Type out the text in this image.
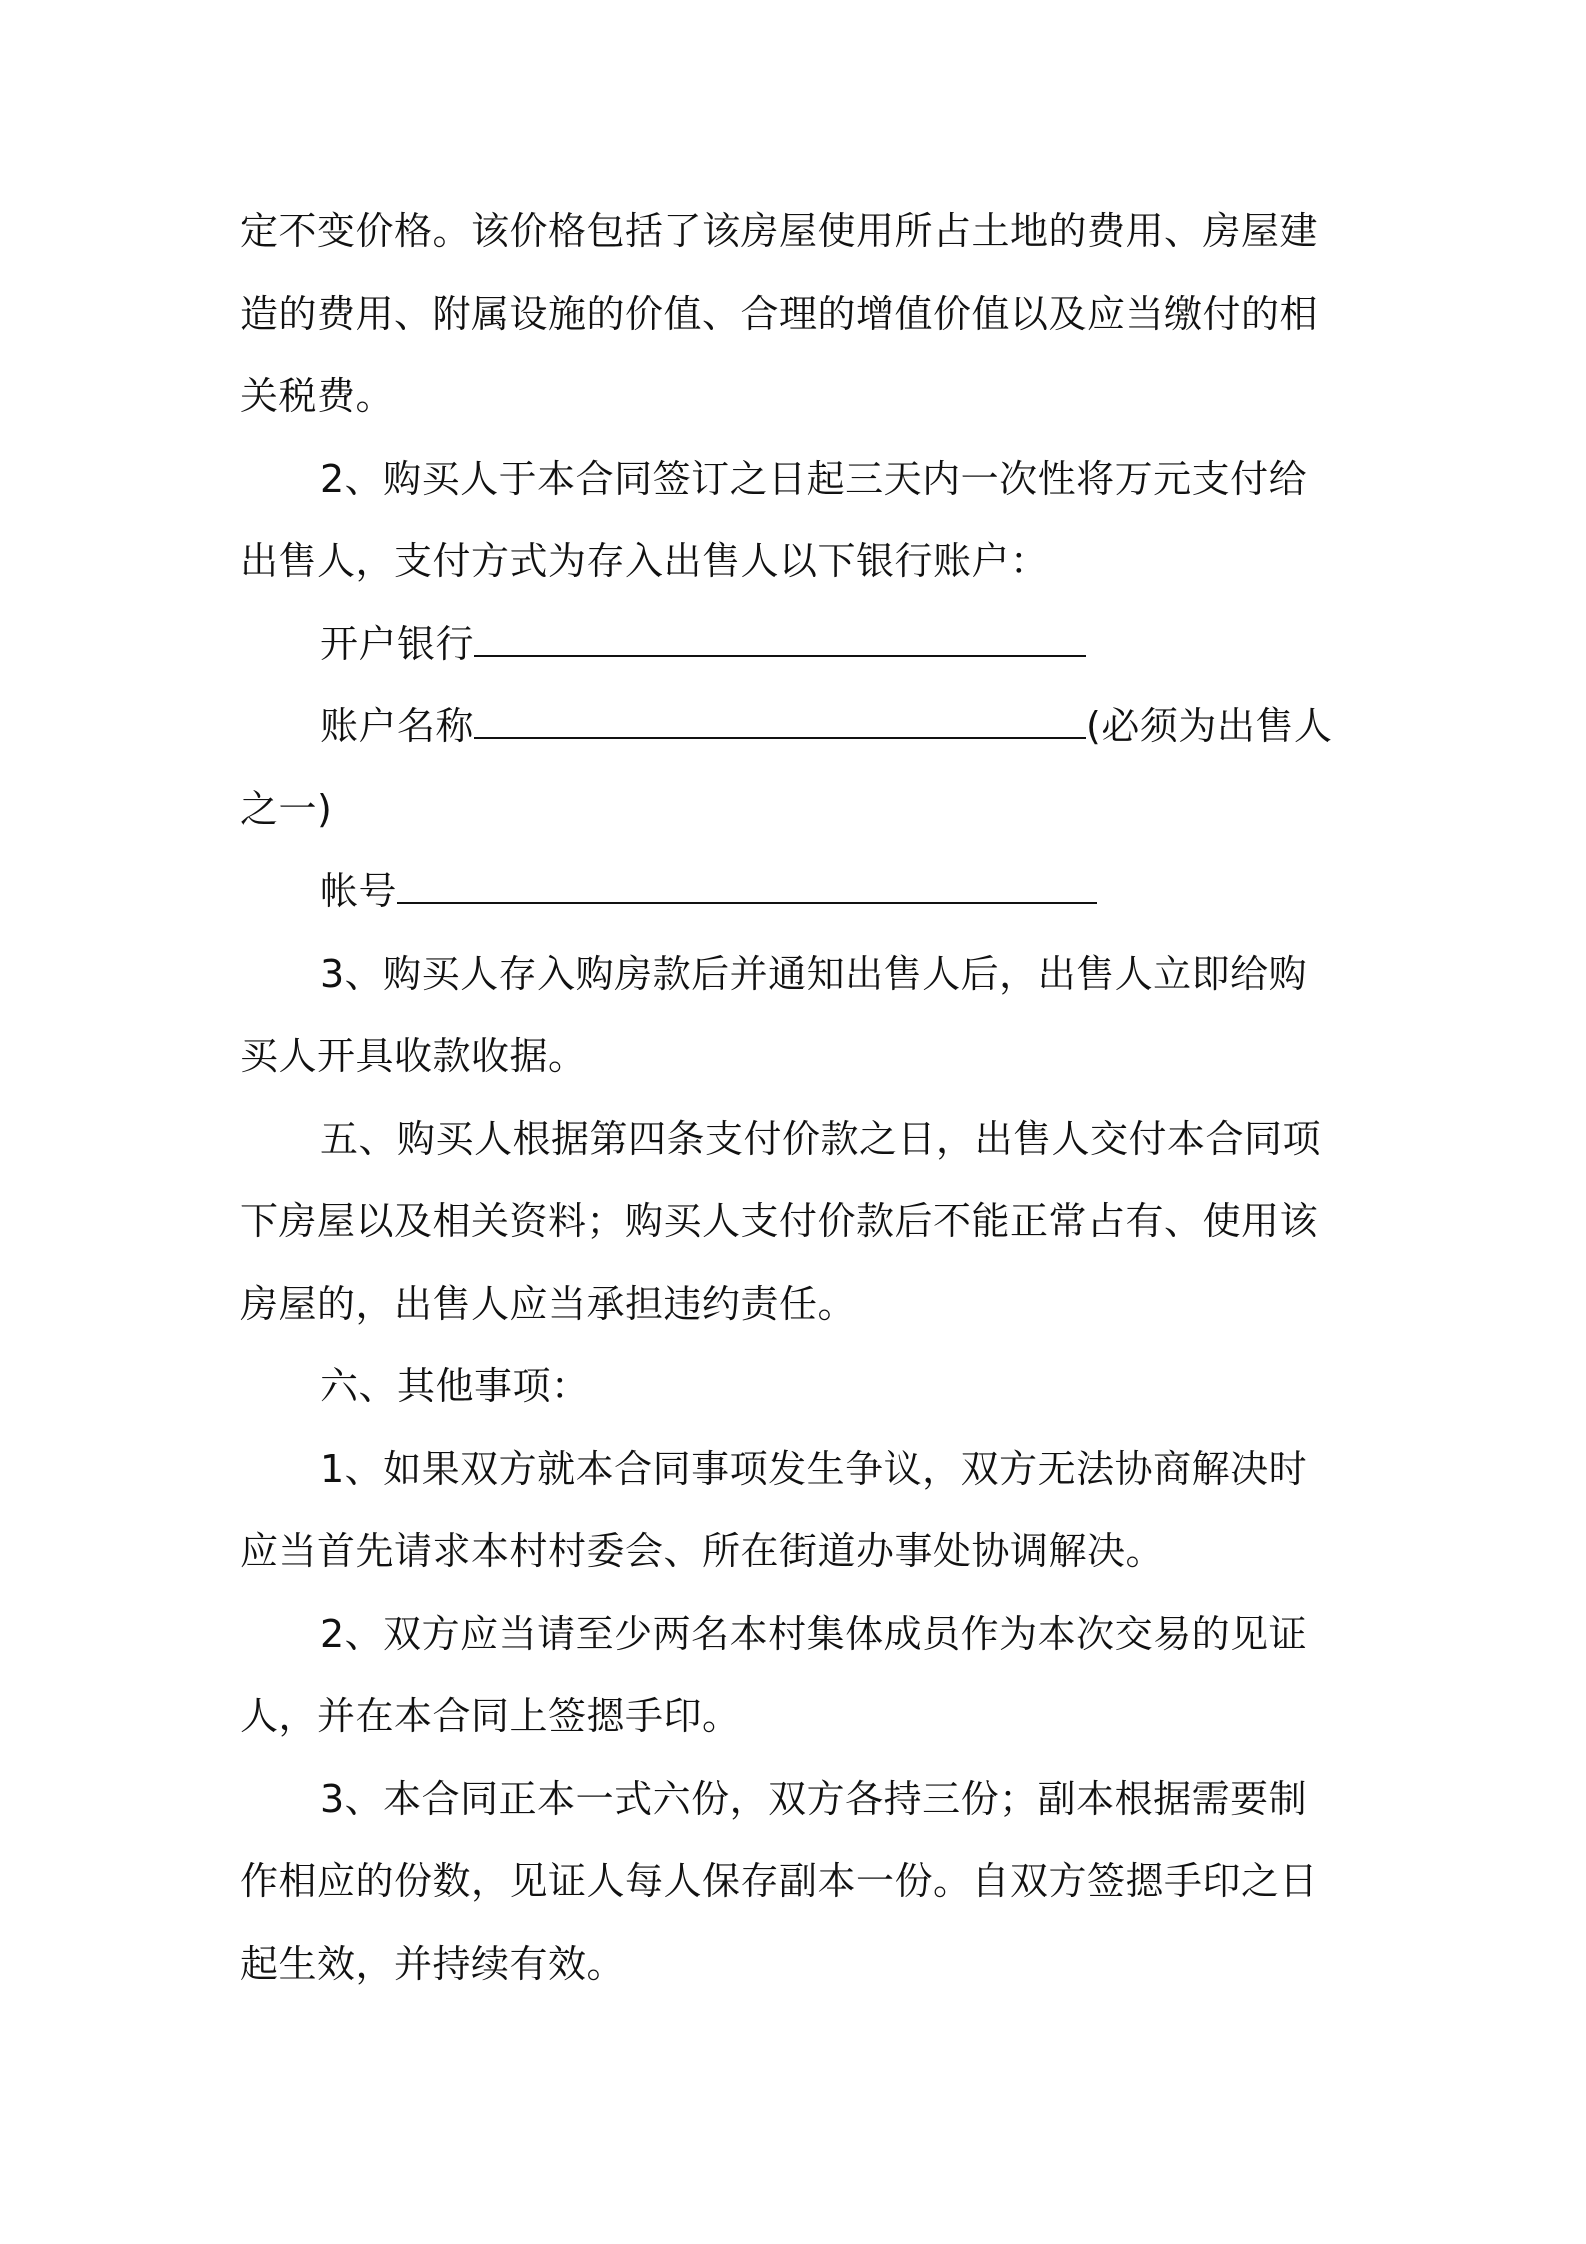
定不变价格。该价格包括了该房屋使用所占土地的费用、房屋建

造的费用、附属设施的价值、合理的增值价值以及应当缴付的相

关税费。

2、购买人于本合同签订之日起三天内一次性将万元支付给

出售人，支付方式为存入出售人以下银行账户：

开户银行

账户名称	(必须为出售人

之一)

帐号

3、购买人存入购房款后并通知出售人后，出售人立即给购

买人开具收款收据。

五、购买人根据第四条支付价款之日，出售人交付本合同项

下房屋以及相关资料；购买人支付价款后不能正常占有、使用该

房屋的，出售人应当承担违约责任。

六、其他事项：

1、如果双方就本合同事项发生争议，双方无法协商解决时

应当首先请求本村村委会、所在街道办事处协调解决。

2、双方应当请至少两名本村集体成员作为本次交易的见证

人，并在本合同上签摁手印。

3、本合同正本一式六份，双方各持三份；副本根据需要制

作相应的份数，见证人每人保存副本一份。自双方签摁手印之日

起生效，并持续有效。
